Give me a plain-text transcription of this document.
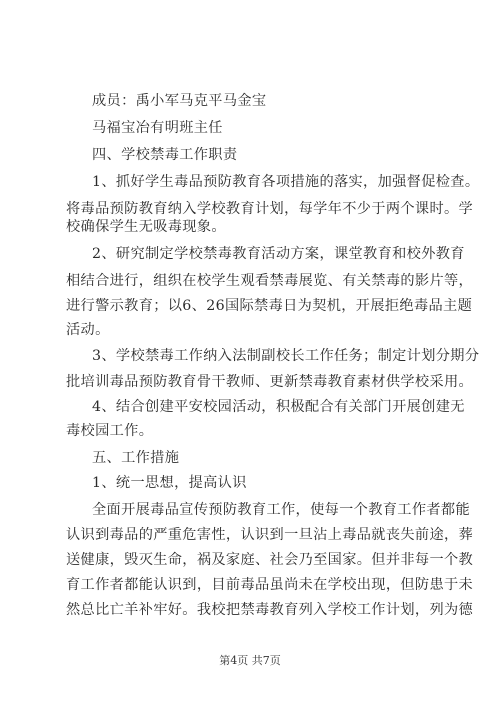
成员：禹小军马克平马金宝
马福宝冶有明班主任
四、学校禁毒工作职责
1、抓好学生毒品预防教育各项措施的落实，加强督促检查。
将毒品预防教育纳入学校教育计划，每学年不少于两个课时。学
校确保学生无吸毒现象。
2、研究制定学校禁毒教育活动方案，课堂教育和校外教育
相结合进行，组织在校学生观看禁毒展览、有关禁毒的影片等，
进行警示教育；以6、26国际禁毒日为契机，开展拒绝毒品主题
活动。
3、学校禁毒工作纳入法制副校长工作任务；制定计划分期分
批培训毒品预防教育骨干教师、更新禁毒教育素材供学校采用。
4、结合创建平安校园活动，积极配合有关部门开展创建无
毒校园工作。
五、工作措施
1、统一思想，提高认识
全面开展毒品宣传预防教育工作，使每一个教育工作者都能
认识到毒品的严重危害性，认识到一旦沾上毒品就丧失前途，葬
送健康，毁灭生命，祸及家庭、社会乃至国家。但并非每一个教
育工作者都能认识到，目前毒品虽尚未在学校出现，但防患于未
然总比亡羊补牢好。我校把禁毒教育列入学校工作计划，列为德
第4页 共7页
